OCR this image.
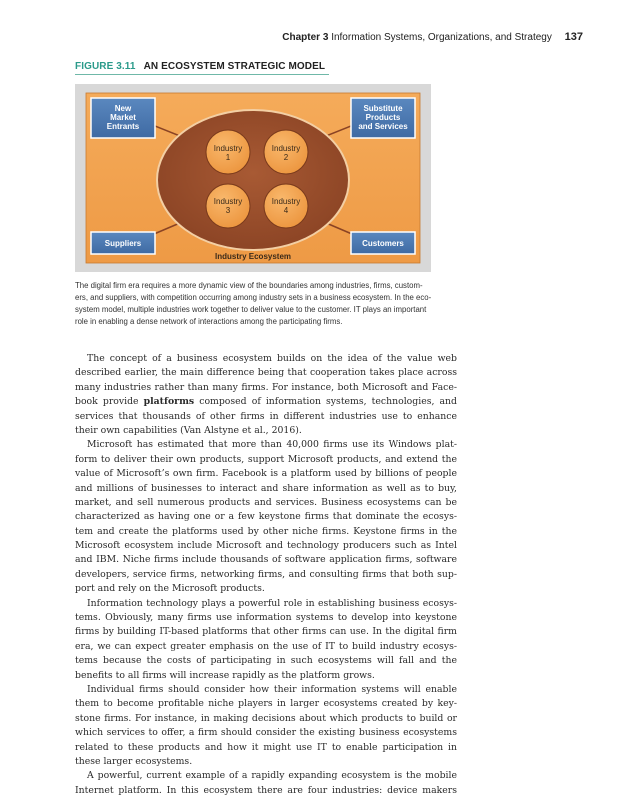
Chapter 3 Information Systems, Organizations, and Strategy 137
FIGURE 3.11 AN ECOSYSTEM STRATEGIC MODEL
Industry
1
Industry
2
Industry
3
Industry
4
New
Market
Entrants
Substitute
Products
and Services
Suppliers	Customers
Industry Ecosystem
The digital firm era requires a more dynamic view of the boundaries among industries, firms, custom-
ers, and suppliers, with competition occurring among industry sets in a business ecosystem. In the eco-
system model, multiple industries work together to deliver value to the customer. IT plays an important
role in enabling a dense network of interactions among the participating firms.
The concept of a business ecosystem builds on the idea of the value web
described earlier, the main difference being that cooperation takes place across
many industries rather than many firms. For instance, both Microsoft and Face-
book provide platforms composed of information systems, technologies, and
services that thousands of other firms in different industries use to enhance
their own capabilities (Van Alstyne et al., 2016).
Microsoft has estimated that more than 40,000 firms use its Windows plat-
form to deliver their own products, support Microsoft products, and extend the
value of Microsoft’s own firm. Facebook is a platform used by billions of people
and millions of businesses to interact and share information as well as to buy,
market, and sell numerous products and services. Business ecosystems can be
characterized as having one or a few keystone firms that dominate the ecosys-
tem and create the platforms used by other niche firms. Keystone firms in the
Microsoft ecosystem include Microsoft and technology producers such as Intel
and IBM. Niche firms include thousands of software application firms, software
developers, service firms, networking firms, and consulting firms that both sup-
port and rely on the Microsoft products.
Information technology plays a powerful role in establishing business ecosys-
tems. Obviously, many firms use information systems to develop into keystone
firms by building IT-based platforms that other firms can use. In the digital firm
era, we can expect greater emphasis on the use of IT to build industry ecosys-
tems because the costs of participating in such ecosystems will fall and the
benefits to all firms will increase rapidly as the platform grows.
Individual firms should consider how their information systems will enable
them to become profitable niche players in larger ecosystems created by key-
stone firms. For instance, in making decisions about which products to build or
which services to offer, a firm should consider the existing business ecosystems
related to these products and how it might use IT to enable participation in
these larger ecosystems.
A powerful, current example of a rapidly expanding ecosystem is the mobile
Internet platform. In this ecosystem there are four industries: device makers
